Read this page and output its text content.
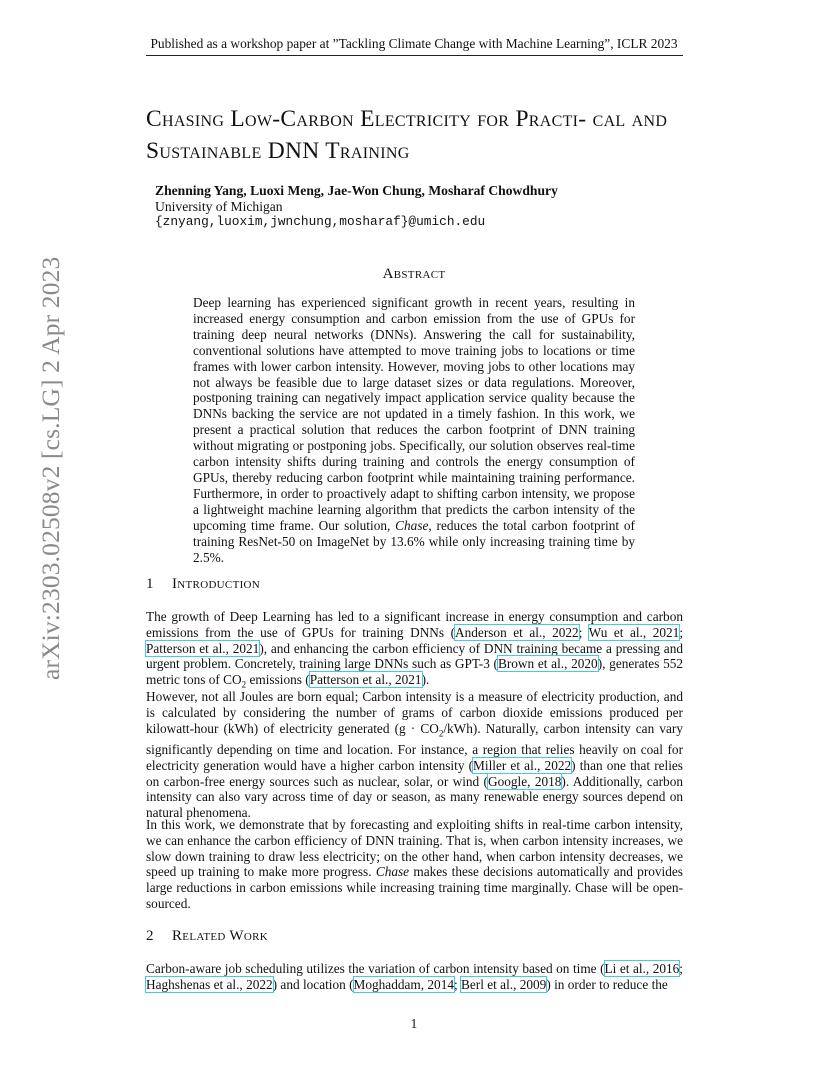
Published as a workshop paper at ”Tackling Climate Change with Machine Learning”, ICLR 2023
arXiv:2303.02508v2 [cs.LG] 2 Apr 2023
Chasing Low-Carbon Electricity for Practi- cal and Sustainable DNN Training
Zhenning Yang, Luoxi Meng, Jae-Won Chung, Mosharaf Chowdhury
University of Michigan
{znyang,luoxim,jwnchung,mosharaf}@umich.edu
Abstract
Deep learning has experienced significant growth in recent years, resulting in increased energy consumption and carbon emission from the use of GPUs for training deep neural networks (DNNs). Answering the call for sustainability, conventional solutions have attempted to move training jobs to locations or time frames with lower carbon intensity. However, moving jobs to other locations may not always be feasible due to large dataset sizes or data regulations. Moreover, postponing training can negatively impact application service quality because the DNNs backing the service are not updated in a timely fashion. In this work, we present a practical solution that reduces the carbon footprint of DNN training without migrating or postponing jobs. Specifically, our solution observes real-time carbon intensity shifts during training and controls the energy consumption of GPUs, thereby reducing carbon footprint while maintaining training performance. Furthermore, in order to proactively adapt to shifting carbon intensity, we propose a lightweight machine learning algorithm that predicts the carbon intensity of the upcoming time frame. Our solution, Chase, reduces the total carbon footprint of training ResNet-50 on ImageNet by 13.6% while only increasing training time by 2.5%.
1 Introduction

The growth of Deep Learning has led to a significant increase in energy consumption and carbon emissions from the use of GPUs for training DNNs (Anderson et al., 2022; Wu et al., 2021; Patterson et al., 2021), and enhancing the carbon efficiency of DNN training became a pressing and urgent problem. Concretely, training large DNNs such as GPT-3 (Brown et al., 2020), generates 552 metric tons of $CO_2$ emissions (Patterson et al., 2021).

However, not all Joules are born equal; Carbon intensity is a measure of electricity production, and is calculated by considering the number of grams of carbon dioxide emissions produced per kilowatt-hour (kWh) of electricity generated $(g \cdot CO_2/kWh)$. Naturally, carbon intensity can vary significantly depending on time and location. For instance, a region that relies heavily on coal for electricity generation would have a higher carbon intensity (Miller et al., 2022) than one that relies on carbon-free energy sources such as nuclear, solar, or wind (Google, 2018). Additionally, carbon intensity can also vary across time of day or season, as many renewable energy sources depend on natural phenomena.

In this work, we demonstrate that by forecasting and exploiting shifts in real-time carbon intensity, we can enhance the carbon efficiency of DNN training. That is, when carbon intensity increases, we slow down training to draw less electricity; on the other hand, when carbon intensity decreases, we speed up training to make more progress. Chase makes these decisions automatically and provides large reductions in carbon emissions while increasing training time marginally. Chase will be open-sourced.

2 Related Work

Carbon-aware job scheduling utilizes the variation of carbon intensity based on time (Li et al., 2016; Haghshenas et al., 2022) and location (Moghaddam, 2014; Berl et al., 2009) in order to reduce the

1
